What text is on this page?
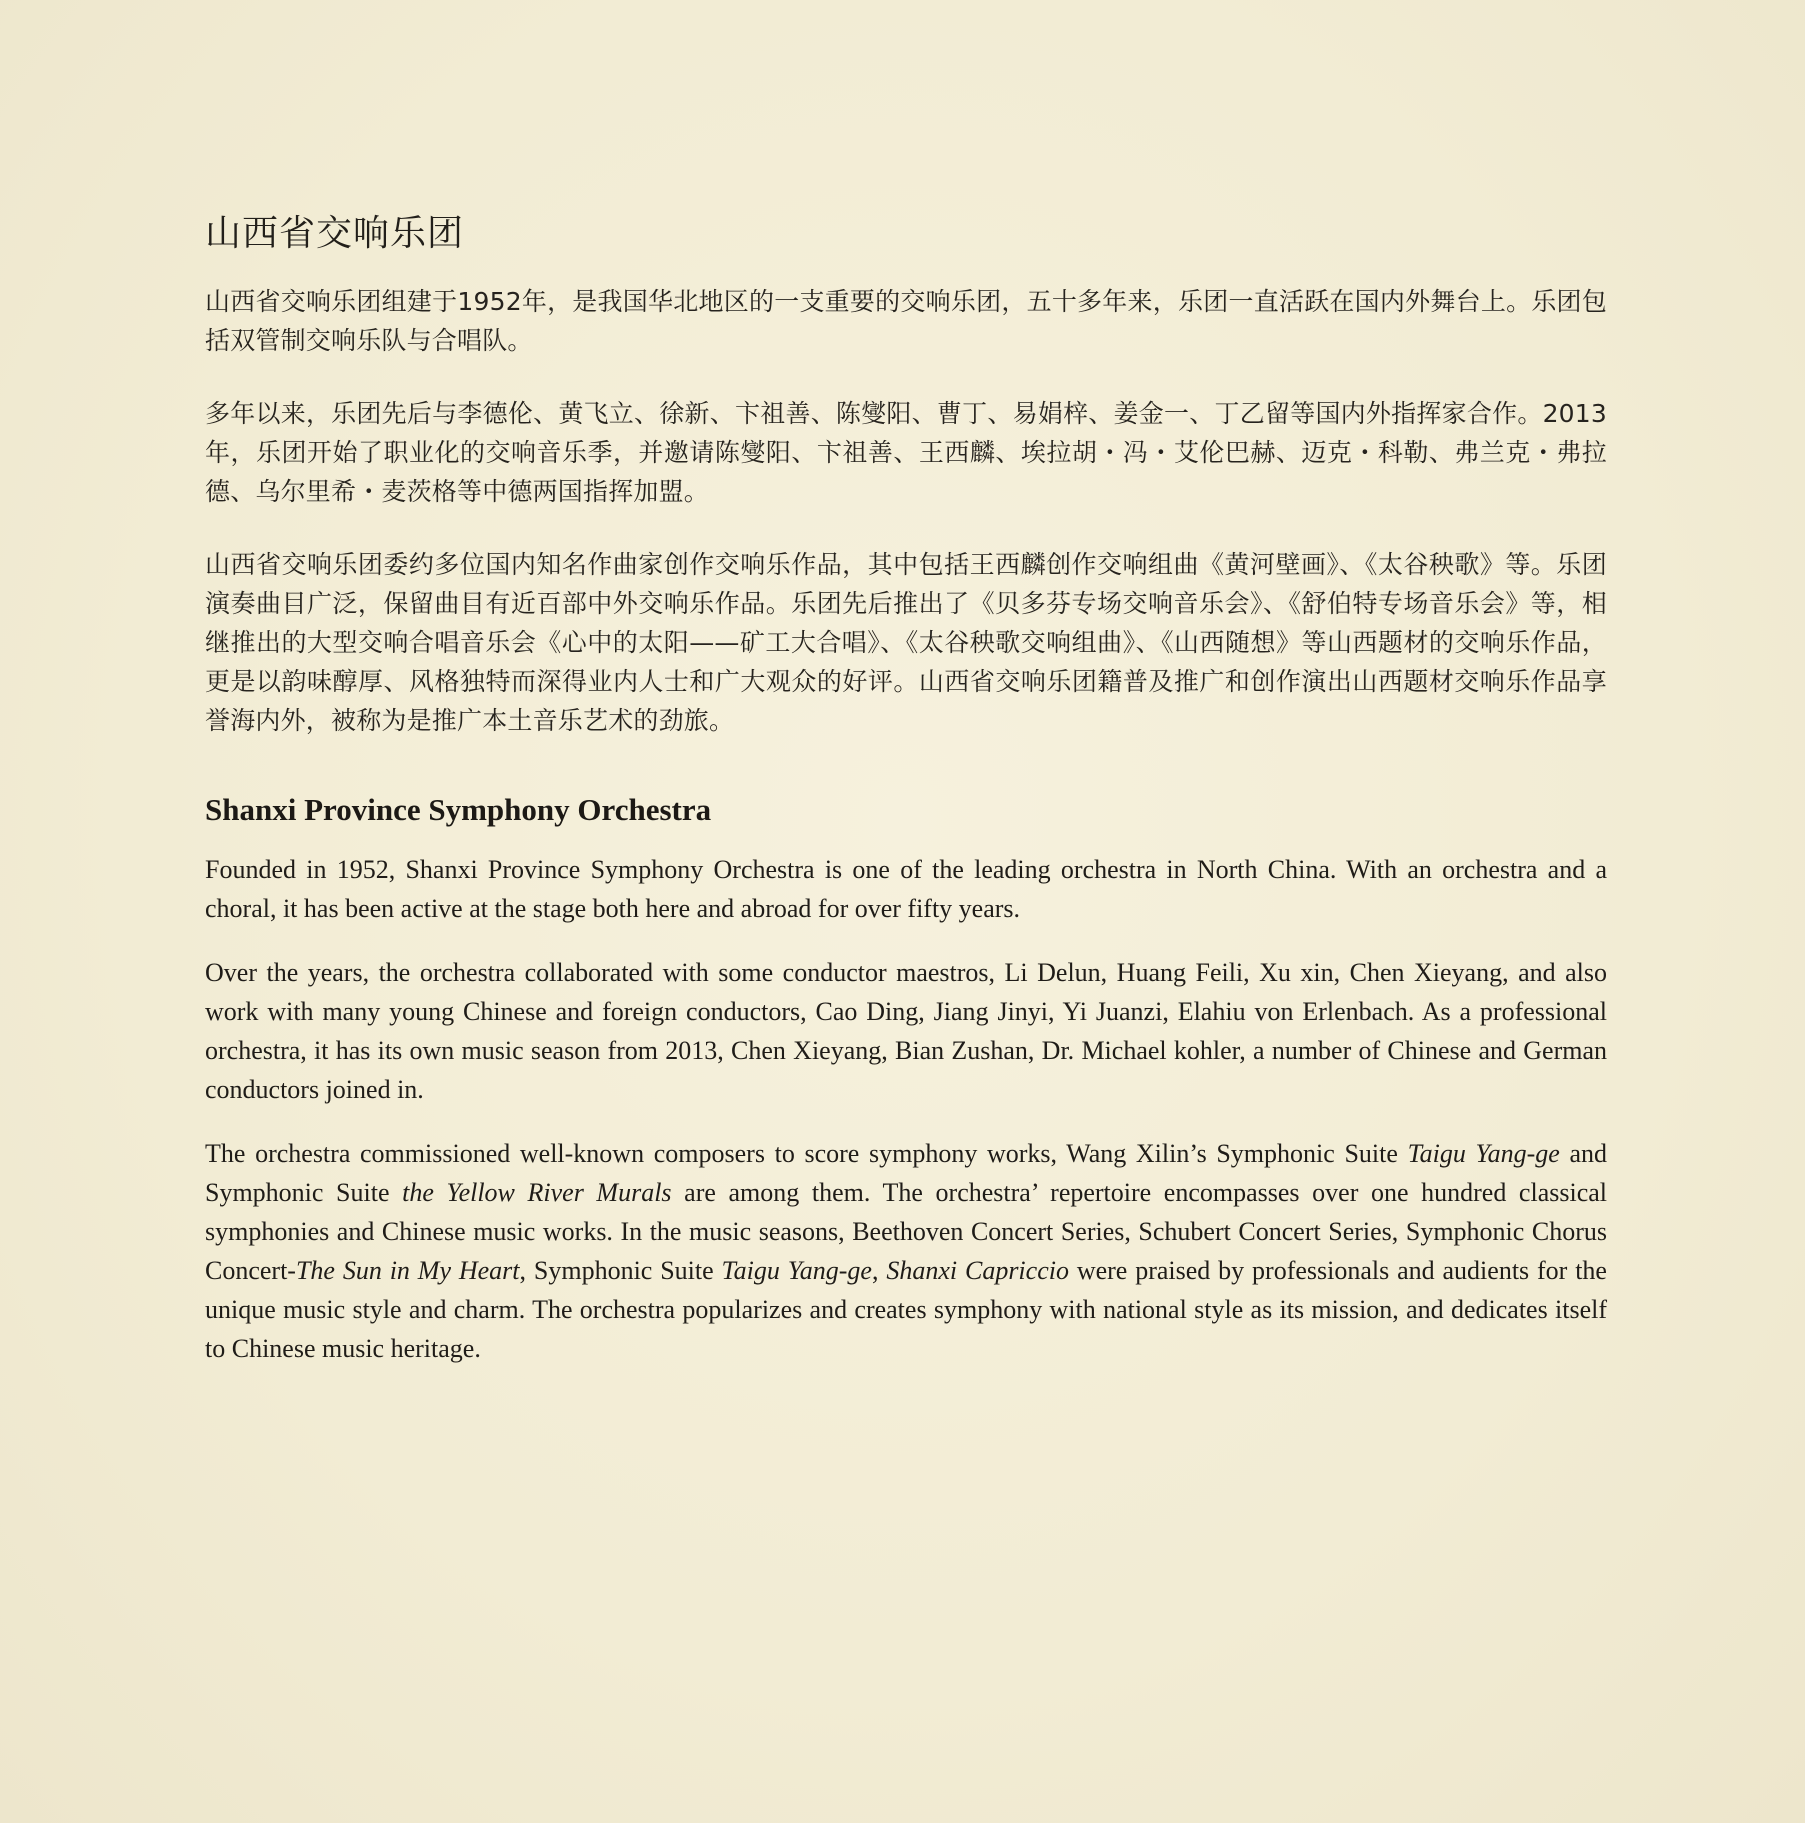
山西省交响乐团

山西省交响乐团组建于1952年，是我国华北地区的一支重要的交响乐团，五十多年来，乐团一直活跃在国内外舞台上。乐团包括双管制交响乐队与合唱队。

多年以来，乐团先后与李德伦、黄飞立、徐新、卞祖善、陈燮阳、曹丁、易娟梓、姜金一、丁乙留等国内外指挥家合作。2013年，乐团开始了职业化的交响音乐季，并邀请陈燮阳、卞祖善、王西麟、埃拉胡・冯・艾伦巴赫、迈克・科勒、弗兰克・弗拉德、乌尔里希・麦茨格等中德两国指挥加盟。

山西省交响乐团委约多位国内知名作曲家创作交响乐作品，其中包括王西麟创作交响组曲《黄河壁画》、《太谷秧歌》等。乐团演奏曲目广泛，保留曲目有近百部中外交响乐作品。乐团先后推出了《贝多芬专场交响音乐会》、《舒伯特专场音乐会》等，相继推出的大型交响合唱音乐会《心中的太阳——矿工大合唱》、《太谷秧歌交响组曲》、《山西随想》等山西题材的交响乐作品，更是以韵味醇厚、风格独特而深得业内人士和广大观众的好评。山西省交响乐团籍普及推广和创作演出山西题材交响乐作品享誉海内外，被称为是推广本土音乐艺术的劲旅。

Shanxi Province Symphony Orchestra

Founded in 1952, Shanxi Province Symphony Orchestra is one of the leading orchestra in North China. With an orchestra and a choral, it has been active at the stage both here and abroad for over fifty years.

Over the years, the orchestra collaborated with some conductor maestros, Li Delun, Huang Feili, Xu xin, Chen Xieyang, and also work with many young Chinese and foreign conductors, Cao Ding, Jiang Jinyi, Yi Juanzi, Elahiu von Erlenbach. As a professional orchestra, it has its own music season from 2013, Chen Xieyang, Bian Zushan, Dr. Michael kohler, a number of Chinese and German conductors joined in.

The orchestra commissioned well-known composers to score symphony works, Wang Xilin’s Symphonic Suite Taigu Yang-ge and Symphonic Suite the Yellow River Murals are among them. The orchestra’ repertoire encompasses over one hundred classical symphonies and Chinese music works. In the music seasons, Beethoven Concert Series, Schubert Concert Series, Symphonic Chorus Concert-The Sun in My Heart, Symphonic Suite Taigu Yang-ge, Shanxi Capriccio were praised by professionals and audients for the unique music style and charm. The orchestra popularizes and creates symphony with national style as its mission, and dedicates itself to Chinese music heritage.
